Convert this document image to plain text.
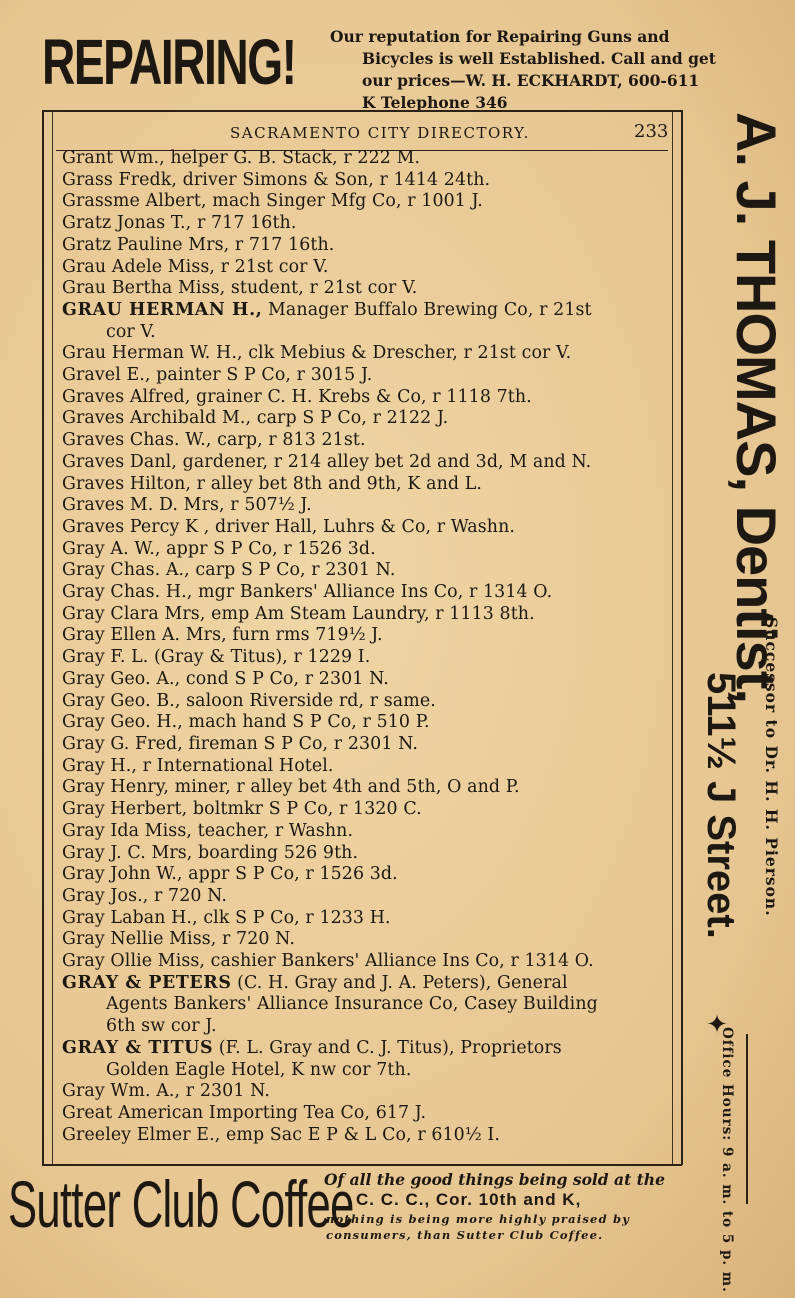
REPAIRING! Our reputation for Repairing Guns and
Bicycles is well Established. Call and get
our prices—W. H. ECKHARDT, 600-611
K Telephone 346
SACRAMENTO CITY DIRECTORY.	233
Grant Wm., helper G. B. Stack, r 222 M.
Grass Fredk, driver Simons & Son, r 1414 24th.
Grassme Albert, mach Singer Mfg Co, r 1001 J.
Gratz Jonas T., r 717 16th.
Gratz Pauline Mrs, r 717 16th.
Grau Adele Miss, r 21st cor V.
Grau Bertha Miss, student, r 21st cor V.
GRAU HERMAN H., Manager Buffalo Brewing Co, r 21st
cor V.
Grau Herman W. H., clk Mebius & Drescher, r 21st cor V.
Gravel E., painter S P Co, r 3015 J.
Graves Alfred, grainer C. H. Krebs & Co, r 1118 7th.
Graves Archibald M., carp S P Co, r 2122 J.
Graves Chas. W., carp, r 813 21st.
Graves Danl, gardener, r 214 alley bet 2d and 3d, M and N.
Graves Hilton, r alley bet 8th and 9th, K and L.
Graves M. D. Mrs, r 507½ J.
Graves Percy K , driver Hall, Luhrs & Co, r Washn.
Gray A. W., appr S P Co, r 1526 3d.
Gray Chas. A., carp S P Co, r 2301 N.
Gray Chas. H., mgr Bankers' Alliance Ins Co, r 1314 O.
Gray Clara Mrs, emp Am Steam Laundry, r 1113 8th.
Gray Ellen A. Mrs, furn rms 719½ J.
Gray F. L. (Gray & Titus), r 1229 I.
Gray Geo. A., cond S P Co, r 2301 N.
Gray Geo. B., saloon Riverside rd, r same.
Gray Geo. H., mach hand S P Co, r 510 P.
Gray G. Fred, fireman S P Co, r 2301 N.
Gray H., r International Hotel.
Gray Henry, miner, r alley bet 4th and 5th, O and P.
Gray Herbert, boltmkr S P Co, r 1320 C.
Gray Ida Miss, teacher, r Washn.
Gray J. C. Mrs, boarding 526 9th.
Gray John W., appr S P Co, r 1526 3d.
Gray Jos., r 720 N.
Gray Laban H., clk S P Co, r 1233 H.
Gray Nellie Miss, r 720 N.
Gray Ollie Miss, cashier Bankers' Alliance Ins Co, r 1314 O.
GRAY & PETERS (C. H. Gray and J. A. Peters), General
Agents Bankers' Alliance Insurance Co, Casey Building
6th sw cor J.
GRAY & TITUS (F. L. Gray and C. J. Titus), Proprietors
Golden Eagle Hotel, K nw cor 7th.
Gray Wm. A., r 2301 N.
Great American Importing Tea Co, 617 J.
Greeley Elmer E., emp Sac E P & L Co, r 610½ I.
A. J. THOMAS, Dentist,
Successor to Dr. H. H. Pierson.
511½ J Street.
✦
Office Hours: 9 a. m. to 5 p. m.
Sutter Club Coffee
Of all the good things being sold at the
C. C. C., Cor. 10th and K,
nothing is being more highly praised by
consumers, than Sutter Club Coffee.
